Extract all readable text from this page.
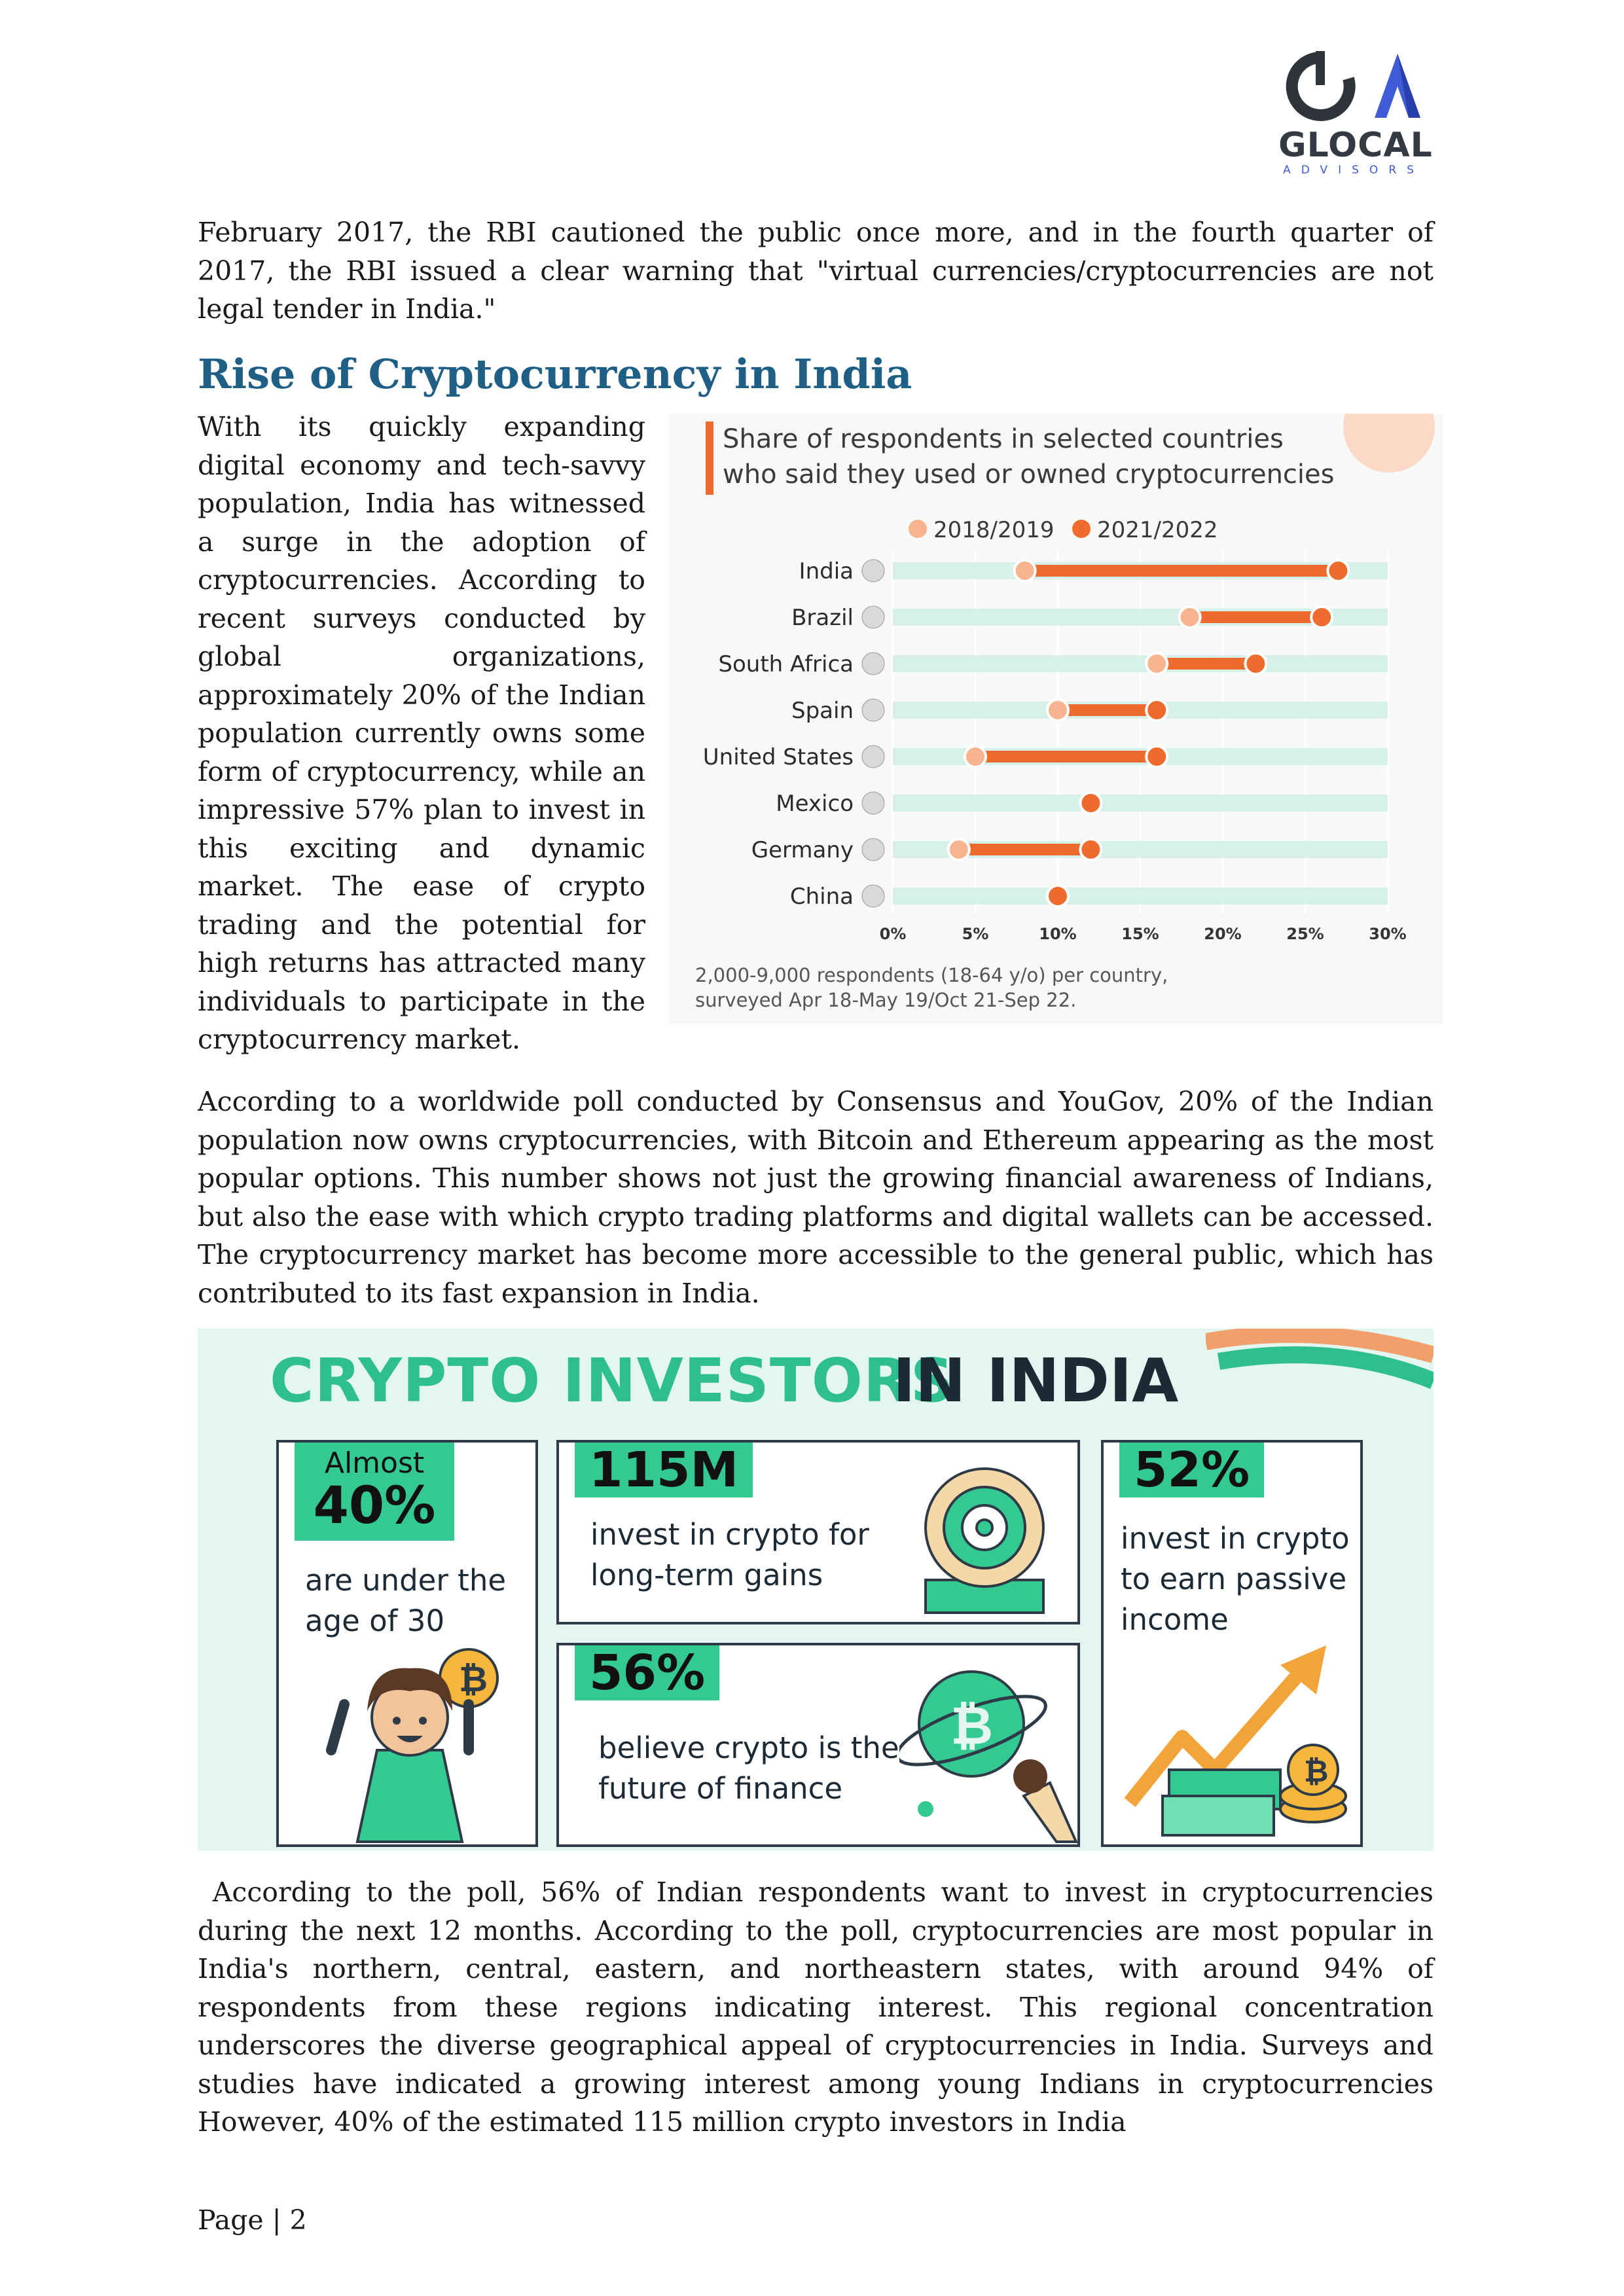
GLOCAL
ADVISORS

February 2017, the RBI cautioned the public once more, and in the fourth quarter of 2017, the RBI issued a clear warning that "virtual currencies/cryptocurrencies are not legal tender in India."

Rise of Cryptocurrency in India

With its quickly expanding digital economy and tech-savvy population, India has witnessed a surge in the adoption of cryptocurrencies. According to recent surveys conducted by global organizations, approximately 20% of the Indian population currently owns some form of cryptocurrency, while an impressive 57% plan to invest in this exciting and dynamic market. The ease of crypto trading and the potential for high returns has attracted many individuals to participate in the cryptocurrency market.

Share of respondents in selected countries
who said they used or owned cryptocurrencies
2018/2019 2021/2022
0%	5%	10%	15%	20%	25%	30%
India
Brazil
South Africa
Spain
United States
Mexico
Germany
China
2,000-9,000 respondents (18-64 y/o) per country,
surveyed Apr 18-May 19/Oct 21-Sep 22.

According to a worldwide poll conducted by Consensus and YouGov, 20% of the Indian population now owns cryptocurrencies, with Bitcoin and Ethereum appearing as the most popular options. This number shows not just the growing financial awareness of Indians, but also the ease with which crypto trading platforms and digital wallets can be accessed. The cryptocurrency market has become more accessible to the general public, which has contributed to its fast expansion in India.

CRYPTO INVESTORS
IN INDIA
Almost
40%
are under the
age of 30
₿
115M
invest in crypto for
long-term gains
56%
believe crypto is the
future of finance
₿
52%
invest in crypto
to earn passive
income
₿

According to the poll, 56% of Indian respondents want to invest in cryptocurrencies during the next 12 months. According to the poll, cryptocurrencies are most popular in India's northern, central, eastern, and northeastern states, with around 94% of respondents from these regions indicating interest. This regional concentration underscores the diverse geographical appeal of cryptocurrencies in India. Surveys and studies have indicated a growing interest among young Indians in cryptocurrencies However, 40% of the estimated 115 million crypto investors in India

Page | 2
